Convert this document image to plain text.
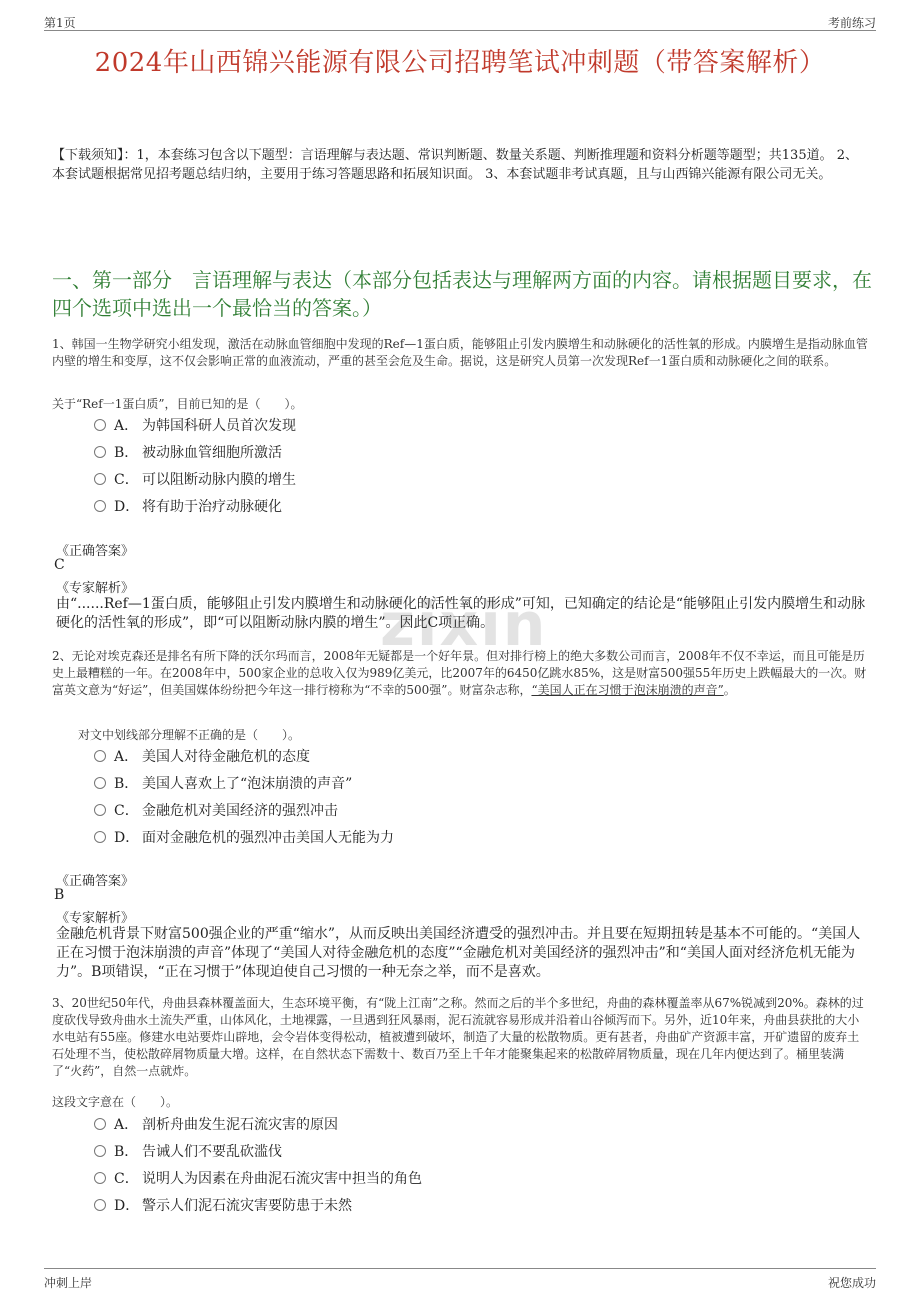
第1页	考前练习
2024年山西锦兴能源有限公司招聘笔试冲刺题（带答案解析）
【下载须知】：1，本套练习包含以下题型：言语理解与表达题、常识判断题、数量关系题、判断推理题和资料分析题等题型；共135道。 2、本套试题根据常见招考题总结归纳，主要用于练习答题思路和拓展知识面。 3、本套试题非考试真题，且与山西锦兴能源有限公司无关。
一、第一部分　言语理解与表达（本部分包括表达与理解两方面的内容。请根据题目要求，在四个选项中选出一个最恰当的答案。）
zixin
1、韩国一生物学研究小组发现，激活在动脉血管细胞中发现的Ref—1蛋白质，能够阻止引发内膜增生和动脉硬化的活性氧的形成。内膜增生是指动脉血管内壁的增生和变厚，这不仅会影响正常的血液流动，严重的甚至会危及生命。据说，这是研究人员第一次发现Ref一1蛋白质和动脉硬化之间的联系。
关于“Ref一1蛋白质”，目前已知的是（　　）。
A． 为韩国科研人员首次发现
B． 被动脉血管细胞所激活
C． 可以阻断动脉内膜的增生
D． 将有助于治疗动脉硬化
《正确答案》
C
《专家解析》
由“......Ref—1蛋白质，能够阻止引发内膜增生和动脉硬化的活性氧的形成”可知，已知确定的结论是“能够阻止引发内膜增生和动脉硬化的活性氧的形成”，即“可以阻断动脉内膜的增生”。因此C项正确。
2、无论对埃克森还是排名有所下降的沃尔玛而言，2008年无疑都是一个好年景。但对排行榜上的绝大多数公司而言，2008年不仅不幸运，而且可能是历史上最糟糕的一年。在2008年中，500家企业的总收入仅为989亿美元，比2007年的6450亿跳水85%，这是财富500强55年历史上跌幅最大的一次。财富英文意为“好运”，但美国媒体纷纷把今年这一排行榜称为“不幸的500强”。财富杂志称，“美国人正在习惯于泡沫崩溃的声音”。
对文中划线部分理解不正确的是（　　）。
A． 美国人对待金融危机的态度
B． 美国人喜欢上了“泡沫崩溃的声音”
C． 金融危机对美国经济的强烈冲击
D． 面对金融危机的强烈冲击美国人无能为力
《正确答案》
B
《专家解析》
金融危机背景下财富500强企业的严重“缩水”，从而反映出美国经济遭受的强烈冲击。并且要在短期扭转是基本不可能的。“美国人正在习惯于泡沫崩溃的声音”体现了“美国人对待金融危机的态度”“金融危机对美国经济的强烈冲击”和“美国人面对经济危机无能为力”。B项错误，“正在习惯于”体现迫使自己习惯的一种无奈之举，而不是喜欢。
3、20世纪50年代，舟曲县森林覆盖面大，生态环境平衡，有“陇上江南”之称。然而之后的半个多世纪，舟曲的森林覆盖率从67%锐减到20%。森林的过度砍伐导致舟曲水土流失严重，山体风化，土地裸露，一旦遇到狂风暴雨，泥石流就容易形成并沿着山谷倾泻而下。另外，近10年来，舟曲县获批的大小水电站有55座。修建水电站要炸山辟地，会令岩体变得松动，植被遭到破坏，制造了大量的松散物质。更有甚者，舟曲矿产资源丰富，开矿遗留的废弃土石处理不当，使松散碎屑物质量大增。这样，在自然状态下需数十、数百乃至上千年才能聚集起来的松散碎屑物质量，现在几年内便达到了。桶里装满了“火药”，自然一点就炸。
这段文字意在（　　）。
A． 剖析舟曲发生泥石流灾害的原因
B． 告诫人们不要乱砍滥伐
C． 说明人为因素在舟曲泥石流灾害中担当的角色
D． 警示人们泥石流灾害要防患于未然
冲刺上岸	祝您成功
